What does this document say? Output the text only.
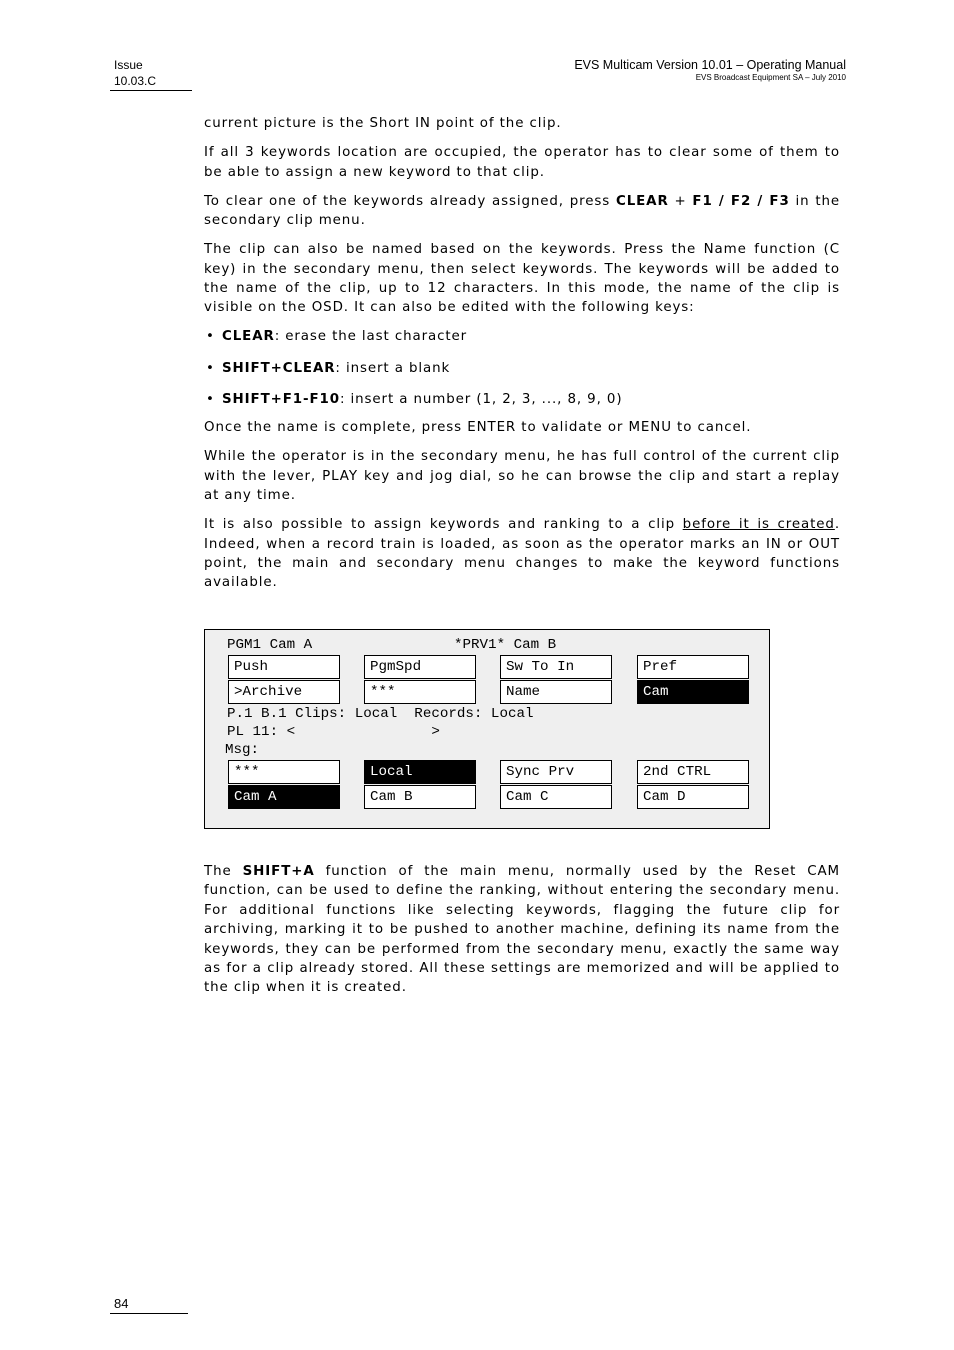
Issue
10.03.C
EVS Multicam Version 10.01 – Operating Manual
EVS Broadcast Equipment SA – July 2010

current picture is the Short IN point of the clip.

If all 3 keywords location are occupied, the operator has to clear some of them to be able to assign a new keyword to that clip.

To clear one of the keywords already assigned, press CLEAR + F1 / F2 / F3 in the secondary clip menu.

The clip can also be named based on the keywords. Press the Name function (C key) in the secondary menu, then select keywords. The keywords will be added to the name of the clip, up to 12 characters. In this mode, the name of the clip is visible on the OSD. It can also be edited with the following keys:

• CLEAR: erase the last character
• SHIFT+CLEAR: insert a blank
• SHIFT+F1-F10: insert a number (1, 2, 3, ..., 8, 9, 0)

Once the name is complete, press ENTER to validate or MENU to cancel.

While the operator is in the secondary menu, he has full control of the current clip with the lever, PLAY key and jog dial, so he can browse the clip and start a replay at any time.

It is also possible to assign keywords and ranking to a clip before it is created. Indeed, when a record train is loaded, as soon as the operator marks an IN or OUT point, the main and secondary menu changes to make the keyword functions available.

PGM1 Cam A	*PRV1* Cam B
Push	PgmSpd	Sw To In	Pref
>Archive	***	Name	Cam
P.1 B.1 Clips: Local  Records: Local
PL 11: <                >
Msg:
***	Local	Sync Prv	2nd CTRL
Cam A	Cam B	Cam C	Cam D

The SHIFT+A function of the main menu, normally used by the Reset CAM function, can be used to define the ranking, without entering the secondary menu. For additional functions like selecting keywords, flagging the future clip for archiving, marking it to be pushed to another machine, defining its name from the keywords, they can be performed from the secondary menu, exactly the same way as for a clip already stored. All these settings are memorized and will be applied to the clip when it is created.

84
